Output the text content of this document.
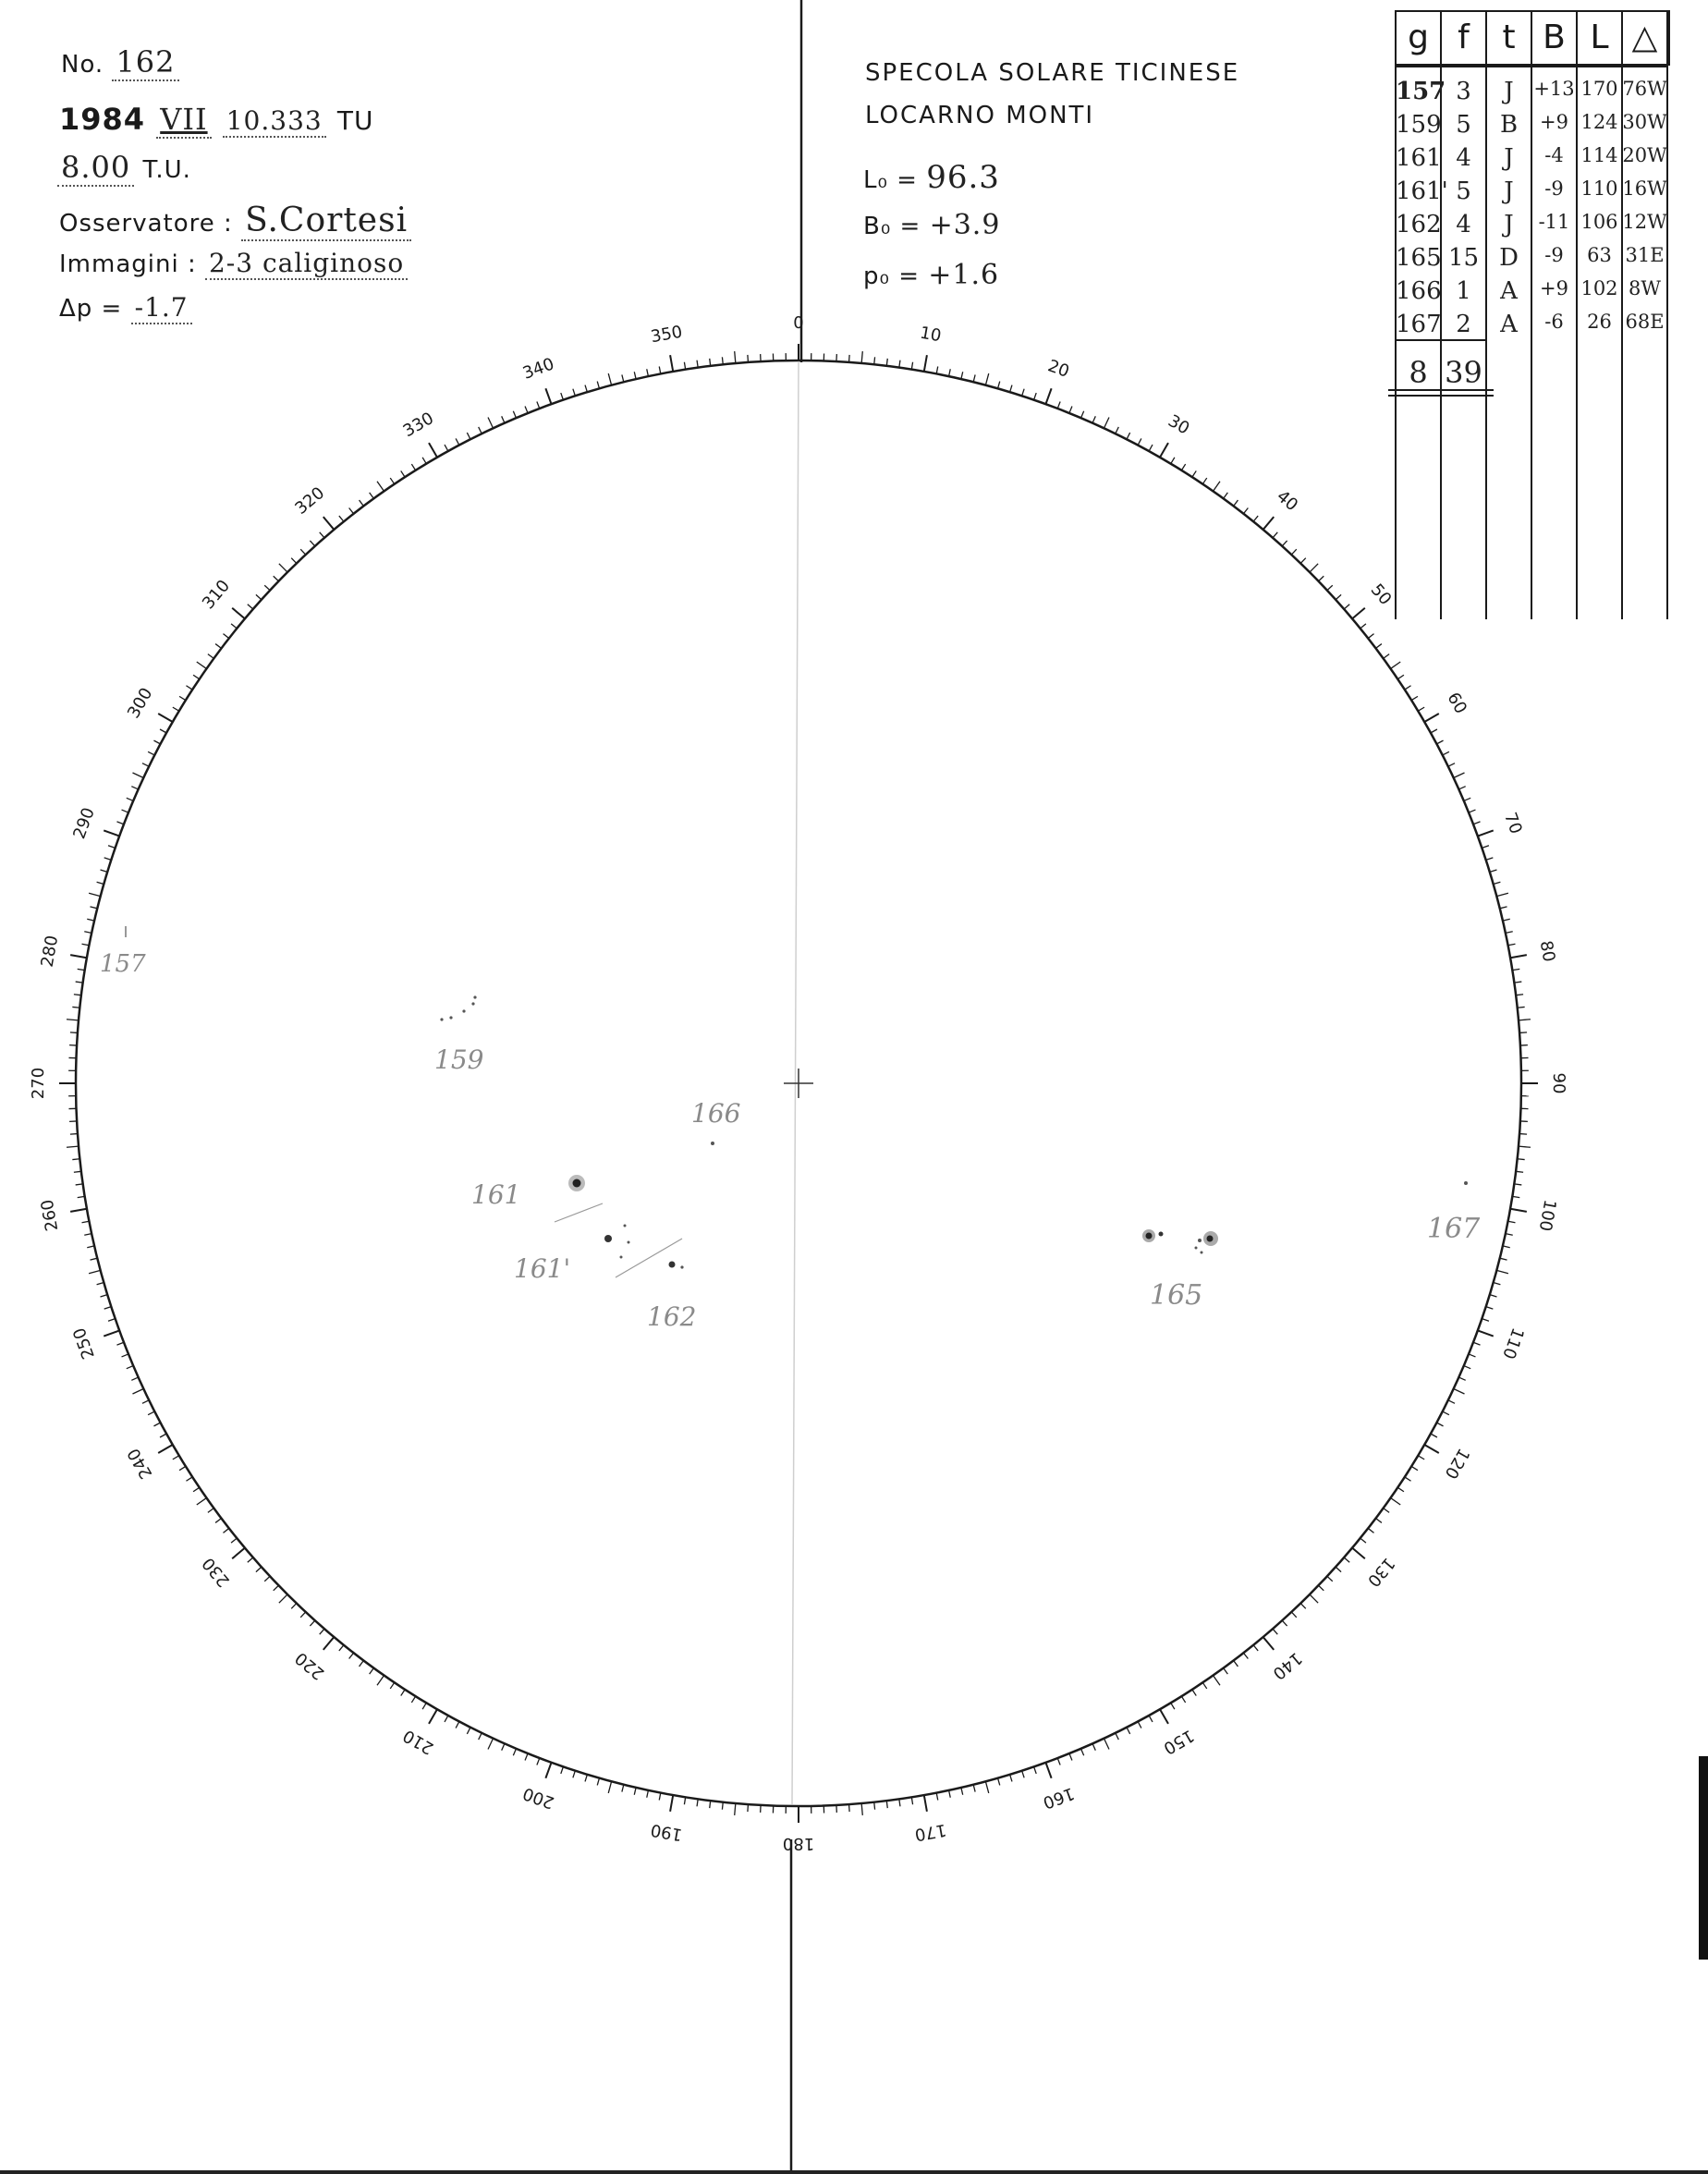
0
10
20
30
40
50
60
70
80
90
100
110
120
130
140
150
160
170
180
190
200
210
220
230
240
250
260
270
280
290
300
310
320
330
340
350
No. 162
1984 VII 10.333 TU
8.00 T.U.
Osservatore : S.Cortesi
Immagini : 2-3 caliginoso
Δp = -1.7
SPECOLA SOLARE TICINESE
LOCARNO MONTI
L₀ = 96.3
B₀ = +3.9
p₀ = +1.6
g f t B L △
157 3	J	+13 170 76W
159 5	B	+9 124 30W
161 4	J	-4 114 20W
161' 5	J	-9 110 16W
162 4	J	-11 106 12W
165 15 D	-9	63 31E
166 1	A	+9 102 8W
167 2	A	-6	26 68E
8 39
157
159
166
161
161'
162
165
167
